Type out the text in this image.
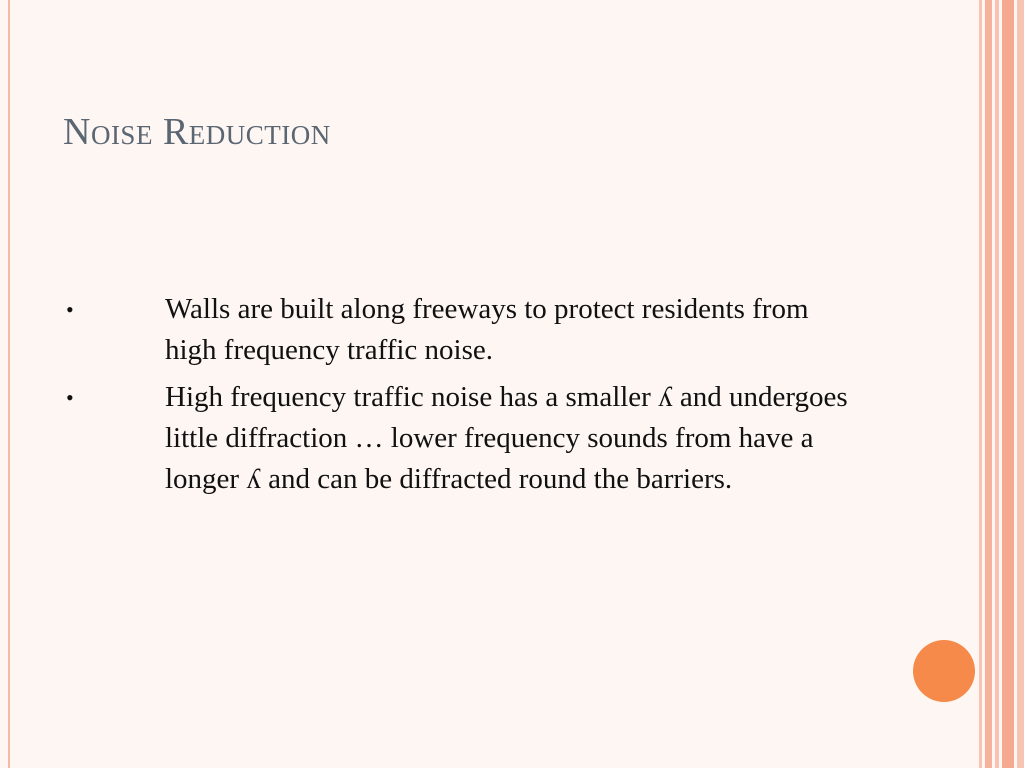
Noise Reduction
•	Walls are built along freeways to protect residents from high frequency traffic noise.
•	High frequency traffic noise has a smaller ʎ and undergoes little diffraction … lower frequency sounds from have a longer ʎ and can be diffracted round the barriers.
